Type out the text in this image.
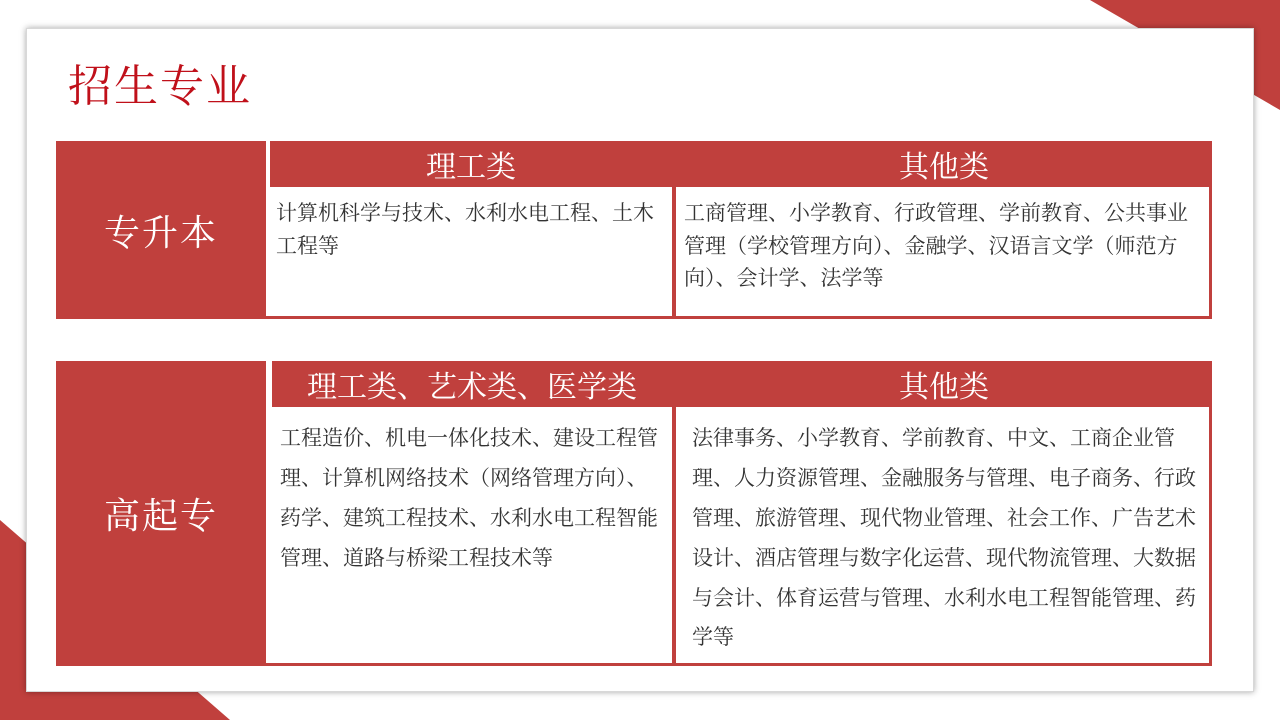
招生专业
专升本
理工类	其他类
计算机科学与技术、水利水电工程、土木工程等
工商管理、小学教育、行政管理、学前教育、公共事业管理（学校管理方向）、金融学、汉语言文学（师范方向）、会计学、法学等
高起专
理工类、艺术类、医学类	其他类
工程造价、机电一体化技术、建设工程管理、计算机网络技术（网络管理方向）、药学、建筑工程技术、水利水电工程智能管理、道路与桥梁工程技术等
法律事务、小学教育、学前教育、中文、工商企业管理、人力资源管理、金融服务与管理、电子商务、行政管理、旅游管理、现代物业管理、社会工作、广告艺术设计、酒店管理与数字化运营、现代物流管理、大数据与会计、体育运营与管理、水利水电工程智能管理、药学等
